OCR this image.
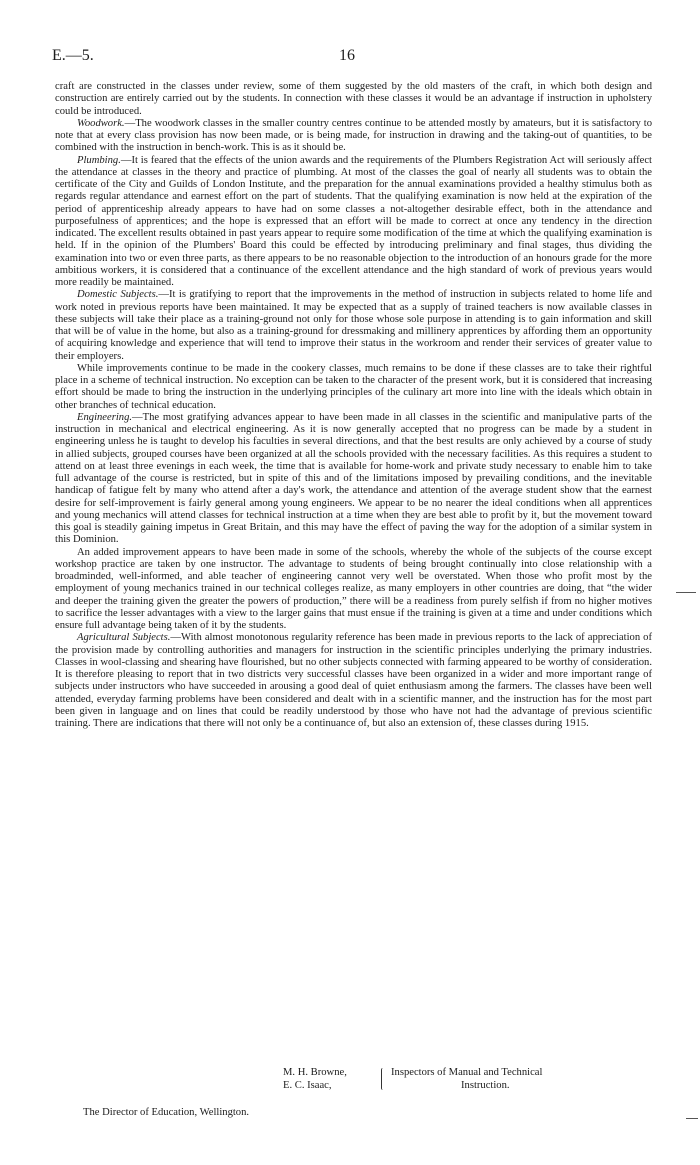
E.—5.	16

craft are constructed in the classes under review, some of them suggested by the old masters of the craft, in which both design and construction are entirely carried out by the students. In connection with these classes it would be an advantage if instruction in upholstery could be introduced.

Woodwork.—The woodwork classes in the smaller country centres continue to be attended mostly by amateurs, but it is satisfactory to note that at every class provision has now been made, or is being made, for instruction in drawing and the taking-out of quantities, to be combined with the instruction in bench-work. This is as it should be.

Plumbing.—It is feared that the effects of the union awards and the requirements of the Plumbers Registration Act will seriously affect the attendance at classes in the theory and practice of plumbing. At most of the classes the goal of nearly all students was to obtain the certificate of the City and Guilds of London Institute, and the preparation for the annual examinations provided a healthy stimulus both as regards regular attendance and earnest effort on the part of students. That the qualifying examination is now held at the expiration of the period of apprenticeship already appears to have had on some classes a not-altogether desirable effect, both in the attendance and purposefulness of apprentices; and the hope is expressed that an effort will be made to correct at once any tendency in the direction indicated. The excellent results obtained in past years appear to require some modification of the time at which the qualifying examination is held. If in the opinion of the Plumbers' Board this could be effected by introducing preliminary and final stages, thus dividing the examination into two or even three parts, as there appears to be no reasonable objection to the introduction of an honours grade for the more ambitious workers, it is considered that a continuance of the excellent attendance and the high standard of work of previous years would more readily be maintained.

Domestic Subjects.—It is gratifying to report that the improvements in the method of instruction in subjects related to home life and work noted in previous reports have been maintained. It may be expected that as a supply of trained teachers is now available classes in these subjects will take their place as a training-ground not only for those whose sole purpose in attending is to gain information and skill that will be of value in the home, but also as a training-ground for dressmaking and millinery apprentices by affording them an opportunity of acquiring knowledge and experience that will tend to improve their status in the workroom and render their services of greater value to their employers.

While improvements continue to be made in the cookery classes, much remains to be done if these classes are to take their rightful place in a scheme of technical instruction. No exception can be taken to the character of the present work, but it is considered that increasing effort should be made to bring the instruction in the underlying principles of the culinary art more into line with the ideals which obtain in other branches of technical education.

Engineering.—The most gratifying advances appear to have been made in all classes in the scientific and manipulative parts of the instruction in mechanical and electrical engineering. As it is now generally accepted that no progress can be made by a student in engineering unless he is taught to develop his faculties in several directions, and that the best results are only achieved by a course of study in allied subjects, grouped courses have been organized at all the schools provided with the necessary facilities. As this requires a student to attend on at least three evenings in each week, the time that is available for home-work and private study necessary to enable him to take full advantage of the course is restricted, but in spite of this and of the limitations imposed by prevailing conditions, and the inevitable handicap of fatigue felt by many who attend after a day's work, the attendance and attention of the average student show that the earnest desire for self-improvement is fairly general among young engineers. We appear to be no nearer the ideal conditions when all apprentices and young mechanics will attend classes for technical instruction at a time when they are best able to profit by it, but the movement toward this goal is steadily gaining impetus in Great Britain, and this may have the effect of paving the way for the adoption of a similar system in this Dominion.

An added improvement appears to have been made in some of the schools, whereby the whole of the subjects of the course except workshop practice are taken by one instructor. The advantage to students of being brought continually into close relationship with a broadminded, well-informed, and able teacher of engineering cannot very well be overstated. When those who profit most by the employment of young mechanics trained in our technical colleges realize, as many employers in other countries are doing, that “the wider and deeper the training given the greater the powers of production,” there will be a readiness from purely selfish if from no higher motives to sacrifice the lesser advantages with a view to the larger gains that must ensue if the training is given at a time and under conditions which ensure full advantage being taken of it by the students.

Agricultural Subjects.—With almost monotonous regularity reference has been made in previous reports to the lack of appreciation of the provision made by controlling authorities and managers for instruction in the scientific principles underlying the primary industries. Classes in wool-classing and shearing have flourished, but no other subjects connected with farming appeared to be worthy of consideration. It is therefore pleasing to report that in two districts very successful classes have been organized in a wider and more important range of subjects under instructors who have succeeded in arousing a good deal of quiet enthusiasm among the farmers. The classes have been well attended, everyday farming problems have been considered and dealt with in a scientific manner, and the instruction has for the most part been given in language and on lines that could be readily understood by those who have not had the advantage of previous scientific training. There are indications that there will not only be a continuance of, but also an extension of, these classes during 1915.

M. H. Browne,
E. C. Isaac,
Inspectors of Manual and Technical
Instruction.
The Director of Education, Wellington.
